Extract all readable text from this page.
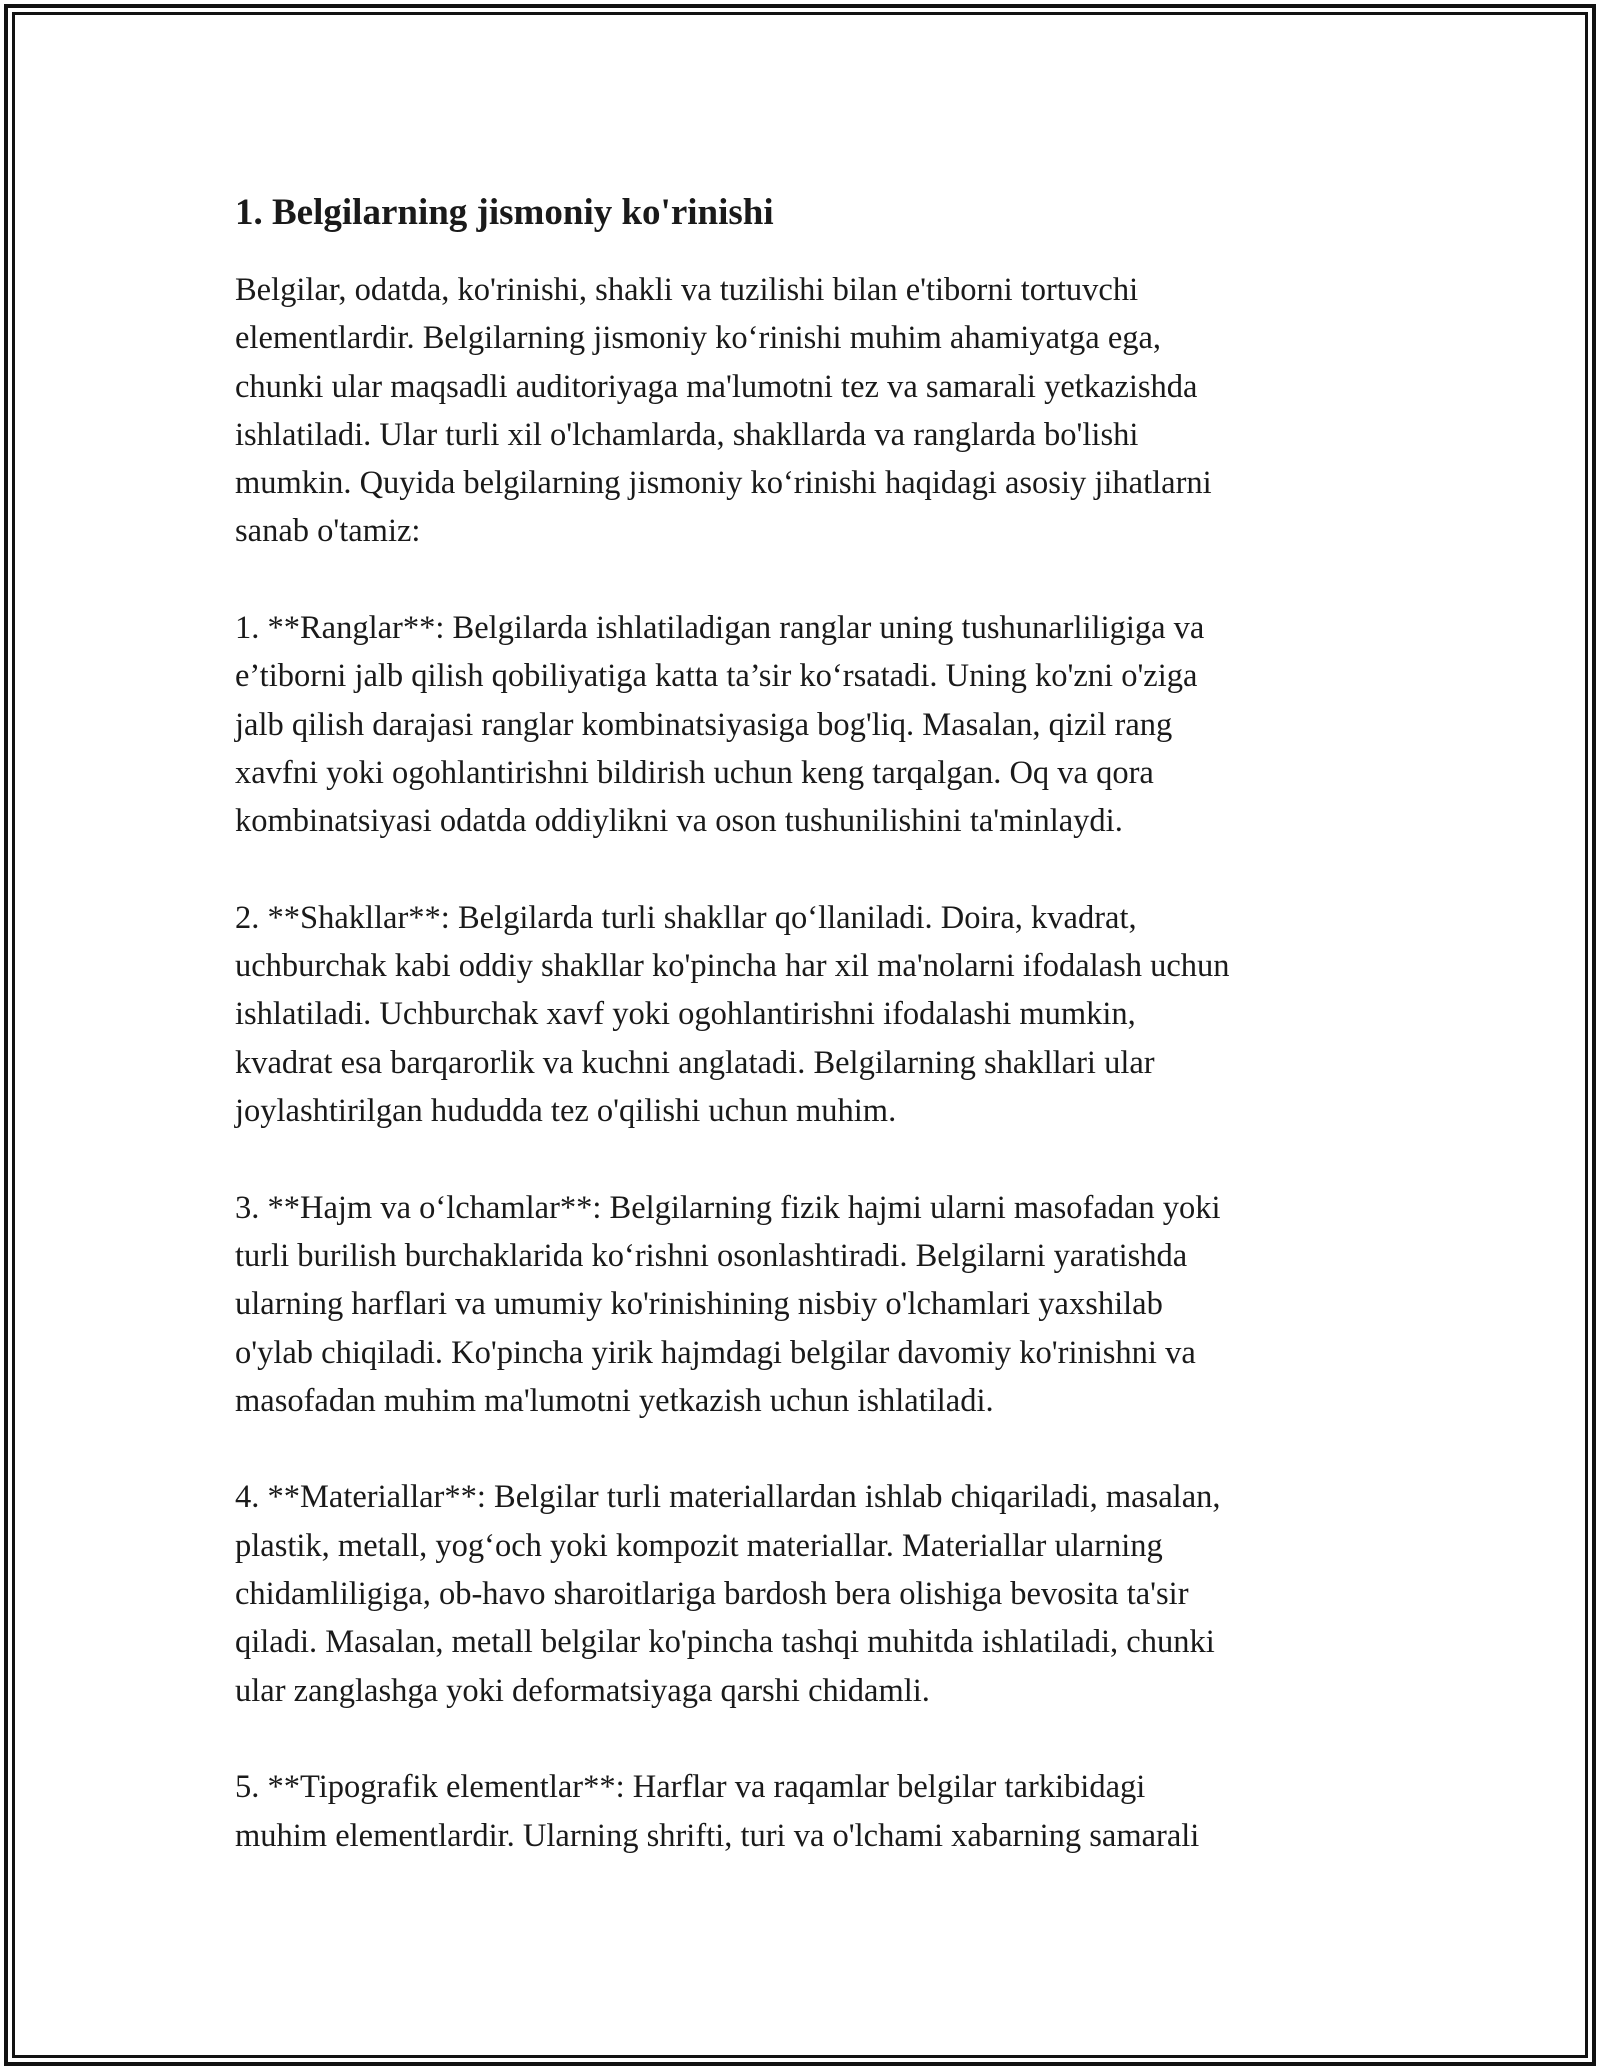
1. Belgilarning jismoniy ko'rinishi

Belgilar, odatda, ko'rinishi, shakli va tuzilishi bilan e'tiborni tortuvchi
elementlardir. Belgilarning jismoniy ko‘rinishi muhim ahamiyatga ega,
chunki ular maqsadli auditoriyaga ma'lumotni tez va samarali yetkazishda
ishlatiladi. Ular turli xil o'lchamlarda, shakllarda va ranglarda bo'lishi
mumkin. Quyida belgilarning jismoniy ko‘rinishi haqidagi asosiy jihatlarni
sanab o'tamiz:

1. **Ranglar**: Belgilarda ishlatiladigan ranglar uning tushunarliligiga va
e’tiborni jalb qilish qobiliyatiga katta ta’sir ko‘rsatadi. Uning ko'zni o'ziga
jalb qilish darajasi ranglar kombinatsiyasiga bog'liq. Masalan, qizil rang
xavfni yoki ogohlantirishni bildirish uchun keng tarqalgan. Oq va qora
kombinatsiyasi odatda oddiylikni va oson tushunilishini ta'minlaydi.

2. **Shakllar**: Belgilarda turli shakllar qo‘llaniladi. Doira, kvadrat,
uchburchak kabi oddiy shakllar ko'pincha har xil ma'nolarni ifodalash uchun
ishlatiladi. Uchburchak xavf yoki ogohlantirishni ifodalashi mumkin,
kvadrat esa barqarorlik va kuchni anglatadi. Belgilarning shakllari ular
joylashtirilgan hududda tez o'qilishi uchun muhim.

3. **Hajm va o‘lchamlar**: Belgilarning fizik hajmi ularni masofadan yoki
turli burilish burchaklarida ko‘rishni osonlashtiradi. Belgilarni yaratishda
ularning harflari va umumiy ko'rinishining nisbiy o'lchamlari yaxshilab
o'ylab chiqiladi. Ko'pincha yirik hajmdagi belgilar davomiy ko'rinishni va
masofadan muhim ma'lumotni yetkazish uchun ishlatiladi.

4. **Materiallar**: Belgilar turli materiallardan ishlab chiqariladi, masalan,
plastik, metall, yog‘och yoki kompozit materiallar. Materiallar ularning
chidamliligiga, ob-havo sharoitlariga bardosh bera olishiga bevosita ta'sir
qiladi. Masalan, metall belgilar ko'pincha tashqi muhitda ishlatiladi, chunki
ular zanglashga yoki deformatsiyaga qarshi chidamli.

5. **Tipografik elementlar**: Harflar va raqamlar belgilar tarkibidagi
muhim elementlardir. Ularning shrifti, turi va o'lchami xabarning samarali
